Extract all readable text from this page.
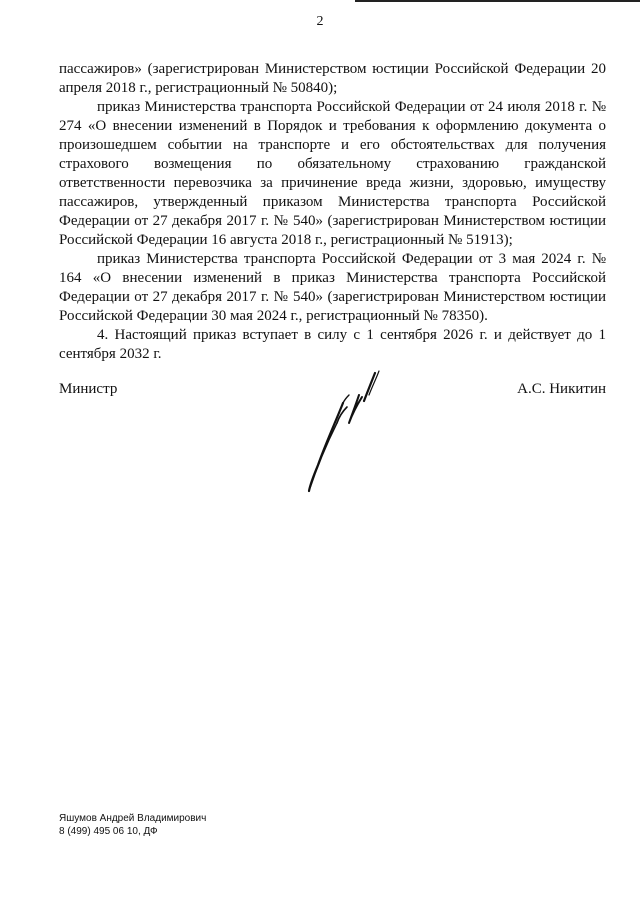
2

пассажиров» (зарегистрирован Министерством юстиции Российской Федерации 20 апреля 2018 г., регистрационный № 50840);

приказ Министерства транспорта Российской Федерации от 24 июля 2018 г. № 274 «О внесении изменений в Порядок и требования к оформлению документа о произошедшем событии на транспорте и его обстоятельствах для получения страхового возмещения по обязательному страхованию гражданской ответственности перевозчика за причинение вреда жизни, здоровью, имуществу пассажиров, утвержденный приказом Министерства транспорта Российской Федерации от 27 декабря 2017 г. № 540» (зарегистрирован Министерством юстиции Российской Федерации 16 августа 2018 г., регистрационный № 51913);

приказ Министерства транспорта Российской Федерации от 3 мая 2024 г. № 164 «О внесении изменений в приказ Министерства транспорта Российской Федерации от 27 декабря 2017 г. № 540» (зарегистрирован Министерством юстиции Российской Федерации 30 мая 2024 г., регистрационный № 78350).

4. Настоящий приказ вступает в силу с 1 сентября 2026 г. и действует до 1 сентября 2032 г.

Министр	А.С. Никитин
Яшумов Андрей Владимирович
8 (499) 495 06 10, ДФ
